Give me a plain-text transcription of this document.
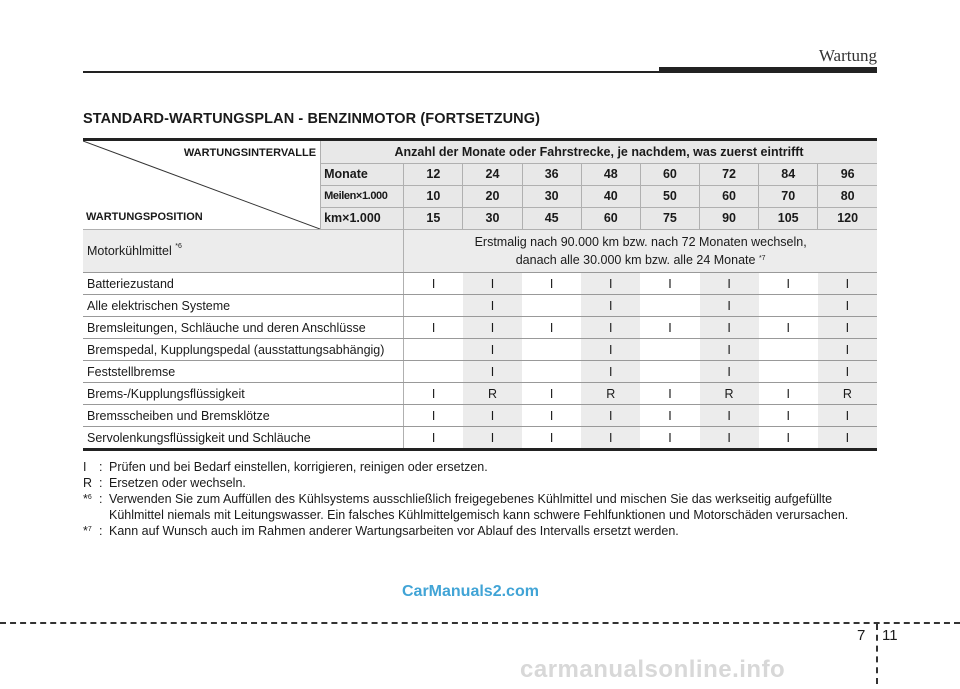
Wartung
STANDARD-WARTUNGSPLAN - BENZINMOTOR (FORTSETZUNG)
WARTUNGSINTERVALLE
WARTUNGSPOSITION	Anzahl der Monate oder Fahrstrecke, je nachdem, was zuerst eintrifft								
	Monate	12	24	36	48	60	72	84	96
	Meilen×1.000	10	20	30	40	50	60	70	80
	km×1.000	15	30	45	60	75	90	105	120
Motorkühlmittel $^{*6}$		Erstmalig nach 90.000 km bzw. nach 72 Monaten wechseln,
danach alle 30.000 km bzw. alle 24 Monate $^{*7}$

Batteriezustand		I	I	I	I	I	I	I	I
Alle elektrischen Systeme			I		I		I		I
Bremsleitungen, Schläuche und deren Anschlüsse		I	I	I	I	I	I	I	I
Bremspedal, Kupplungspedal (ausstattungsabhängig)			I		I		I		I
Feststellbremse			I		I		I		I
Brems-/Kupplungsflüssigkeit		I	R	I	R	I	R	I	R
Bremsscheiben und Bremsklötze		I	I	I	I	I	I	I	I
Servolenkungsflüssigkeit und Schläuche		I	I	I	I	I	I	I	I
I	: Prüfen und bei Bedarf einstellen, korrigieren, reinigen oder ersetzen.
R : Ersetzen oder wechseln.
*$^6$ : Verwenden Sie zum Auffüllen des Kühlsystems ausschließlich freigegebenes Kühlmittel und mischen Sie das werkseitig aufgefüllte Kühlmittel niemals mit Leitungswasser. Ein falsches Kühlmittelgemisch kann schwere Fehlfunktionen und Motorschäden verursachen.
*$^7$ : Kann auf Wunsch auch im Rahmen anderer Wartungsarbeiten vor Ablauf des Intervalls ersetzt werden.
CarManuals2.com
7 11
carmanualsonline.info
